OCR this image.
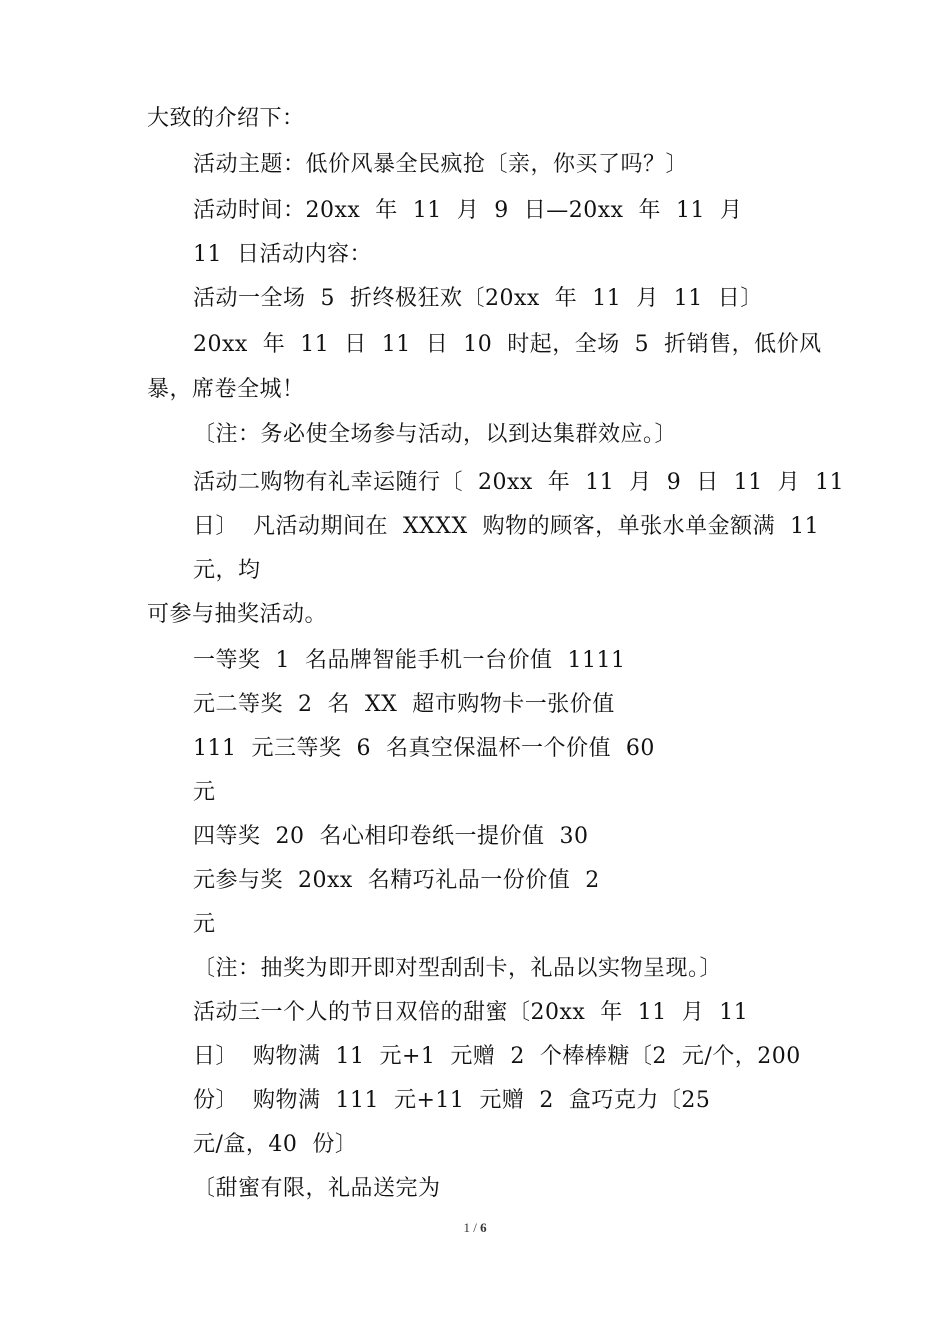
大致的介绍下：
活动主题：低价风暴全民疯抢〔亲，你买了吗？〕
活动时间：20xx  年  11  月  9  日—20xx  年  11  月
11  日活动内容：
活动一全场  5  折终极狂欢〔20xx  年  11  月  11  日〕
20xx  年  11  日  11  日  10  时起，全场  5  折销售，低价风
暴，席卷全城！
〔注：务必使全场参与活动，以到达集群效应。〕
活动二购物有礼幸运随行〔  20xx  年  11  月  9  日  11  月  11
日〕  凡活动期间在  XXXX  购物的顾客，单张水单金额满  11
元，均
可参与抽奖活动。
一等奖  1  名品牌智能手机一台价值  1111
元二等奖  2  名  XX  超市购物卡一张价值
111  元三等奖  6  名真空保温杯一个价值  60
元
四等奖  20  名心相印卷纸一提价值  30
元参与奖  20xx  名精巧礼品一份价值  2
元
〔注：抽奖为即开即对型刮刮卡，礼品以实物呈现。〕
活动三一个人的节日双倍的甜蜜〔20xx  年  11  月  11
日〕  购物满  11  元+1  元赠  2  个棒棒糖〔2  元/个，200
份〕  购物满  111  元+11  元赠  2  盒巧克力〔25
元/盒，40  份〕
〔甜蜜有限，礼品送完为
1 / 6
